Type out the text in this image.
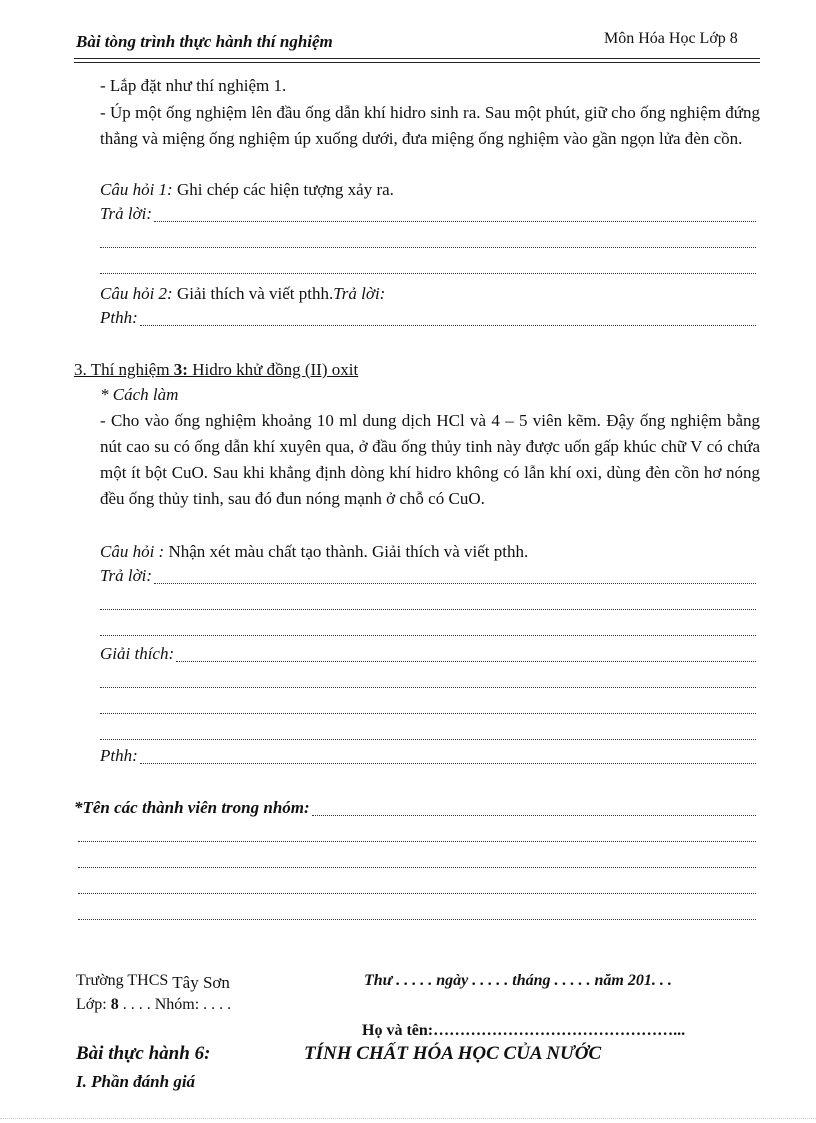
Bài tòng trình thực hành thí nghiệm	Môn Hóa Học Lớp 8
- Lắp đặt như thí nghiệm 1.
- Úp một ống nghiệm lên đầu ống dẫn khí hidro sinh ra. Sau một phút, giữ cho ống nghiệm đứng thẳng và miệng ống nghiệm úp xuống dưới, đưa miệng ống nghiệm vào gần ngọn lửa đèn cồn.
Câu hỏi 1: Ghi chép các hiện tượng xảy ra.
Trả lời:
Câu hỏi 2: Giải thích và viết pthh.Trả lời:
Pthh:
3. Thí nghiệm 3: Hidro khử đồng (II) oxit
* Cách làm
- Cho vào ống nghiệm khoảng 10 ml dung dịch HCl và 4 – 5 viên kẽm. Đậy ống nghiệm bằng nút cao su có ống dẫn khí xuyên qua, ở đầu ống thủy tinh này được uốn gấp khúc chữ V có chứa một ít bột CuO. Sau khi khẳng định dòng khí hidro không có lẫn khí oxi, dùng đèn cồn hơ nóng đều ống thủy tinh, sau đó đun nóng mạnh ở chỗ có CuO.
Câu hỏi : Nhận xét màu chất tạo thành. Giải thích và viết pthh.
Trả lời:
Giải thích:
Pthh:
*Tên các thành viên trong nhóm:
Trường THCS Tây Sơn	Thư . . . . . ngày . . . . . tháng . . . . . năm 201. . .
Lớp: 8 . . . . Nhóm: . . . .
Họ và tên:………………………………………...
Bài thực hành 6:	TÍNH CHẤT HÓA HỌC CỦA NƯỚC
I. Phần đánh giá
